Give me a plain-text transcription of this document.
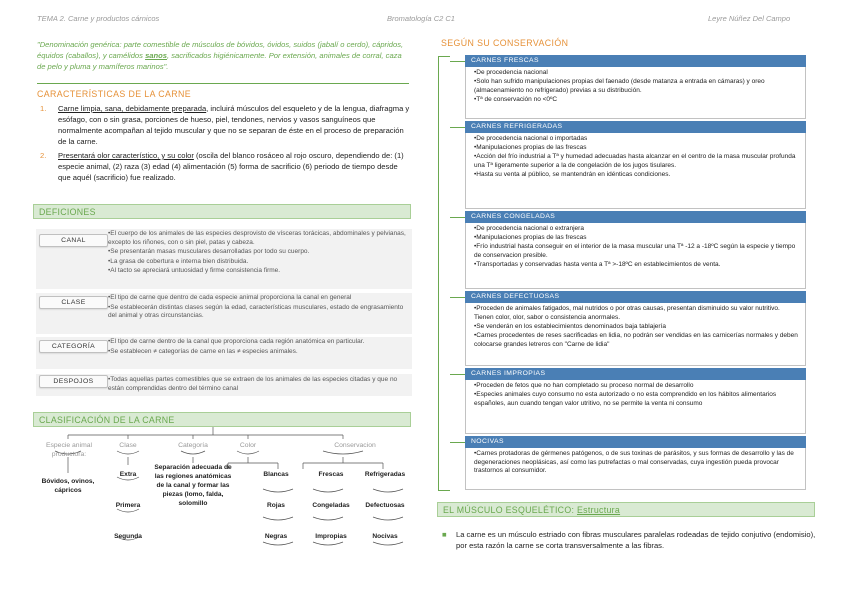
TEMA 2. Carne y productos cárnicos	Bromatología C2 C1	Leyre Núñez Del Campo
"Denominación genérica: parte comestible de músculos de bóvidos, óvidos, suidos (jabalí o cerdo), cápridos, équidos (caballos), y camélidos sanos, sacrificados higiénicamente. Por extensión, animales de corral, caza de pelo y pluma y mamíferos marinos".
CARACTERÍSTICAS DE LA CARNE
1. Carne limpia, sana, debidamente preparada, incluirá músculos del esqueleto y de la lengua, diafragma y esófago, con o sin grasa, porciones de hueso, piel, tendones, nervios y vasos sanguíneos que normalmente acompañan al tejido muscular y que no se separan de éste en el proceso de preparación de la carne.
2. Presentará olor característico, y su color (oscila del blanco rosáceo al rojo oscuro, dependiendo de: (1) especie animal, (2) raza (3) edad (4) alimentación (5) forma de sacrificio (6) periodo de tiempo desde que aquél (sacrificio) fue realizado.
DEFICIONES
CANAL

•El cuerpo de los animales de las especies desprovisto de vísceras torácicas, abdominales y pelvianas, excepto los riñones, con o sin piel, patas y cabeza.

•Se presentarán masas musculares desarrolladas por todo su cuerpo.

•La grasa de cobertura e interna bien distribuida.

•Al tacto se apreciará untuosidad y firme consistencia firme.

CLASE

•El tipo de carne que dentro de cada especie animal proporciona la canal en general

•Se establecerán distintas clases según la edad, características musculares, estado de engrasamiento del animal y otras circunstancias.

CATEGORÍA

•El tipo de carne dentro de la canal que proporciona cada región anatómica en particular.

•Se establecen ≠ categorías de carne en las ≠ especies animales.

DESPOJOS	•Todas aquellas partes comestibles que se extraen de los animales de las especies citadas y que no están comprendidas dentro del término canal

CLASIFICACIÓN DE LA CARNE
Especie animal productora:
Clase	Categoría	Color	Conservacion
Bóvidos, ovinos, cápricos
Extra
Primera
Segunda
Separación adecuada de las regiones anatómicas de la canal y formar las piezas (lomo, falda, solomillo
Blancas
Rojas
Negras
Frescas	Refrigeradas
Congeladas	Defectuosas
Impropias	Nocivas
SEGÚN SU CONSERVACIÓN
CARNES FRESCAS

•De procedencia nacional

•Solo han sufrido manipulaciones propias del faenado (desde matanza a entrada en cámaras) y oreo (almacenamiento no refrigerado) previas a su distribución.

•Tª de conservación no <0ºC

CARNES REFRIGERADAS

•De procedencia nacional o importadas

•Manipulaciones propias de las frescas

•Acción del frío industrial a Tª y humedad adecuadas hasta alcanzar en el centro de la masa muscular profunda una Tª ligeramente superior a la de congelación de los jugos tisulares.

•Hasta su venta al público, se mantendrán en idénticas condiciones.

CARNES CONGELADAS

•De procedencia nacional o extranjera

•Manipulaciones propias de las frescas

•Frío industrial hasta conseguir en el interior de la masa muscular una Tª -12 a -18ºC según la especie y tiempo de conservacion presible.

•Transportadas y conservadas hasta venta a Tª >-18ºC en establecimientos de venta.

CARNES DEFECTUOSAS

•Proceden de animales fatigados, mal nutridos o por otras causas, presentan disminuido su valor nutritivo. Tienen color, olor, sabor o consistencia anormales.

•Se venderán en los establecimientos denominados baja tablajería

•Carnes procedentes de reses sacrificadas en lidia, no podrán ser vendidas en las carnicerías normales y deben colocarse grandes letreros con "Carne de lidia"

CARNES IMPROPIAS

•Proceden de fetos que no han completado su proceso normal de desarrollo

•Especies animales cuyo consumo no esta autorizado o no esta comprendido en los hábitos alimentarios españoles, aun cuando tengan valor utritivo, no se permite la venta ni consumo

NOCIVAS

•Carnes protadoras de gérmenes patógenos, o de sus toxinas de parásitos, y sus formas de desarrollo y las de degeneraciones neoplásicas, así como las putrefactas o mal conservadas, cuya ingestión pueda provocar trastornos al consumidor.

EL MÚSCULO ESQUELÉTICO: Estructura
■	La carne es un músculo estriado con fibras musculares paralelas rodeadas de tejido conjutivo (endomisio), por esta razón la carne se corta transversalmente a las fibras.
